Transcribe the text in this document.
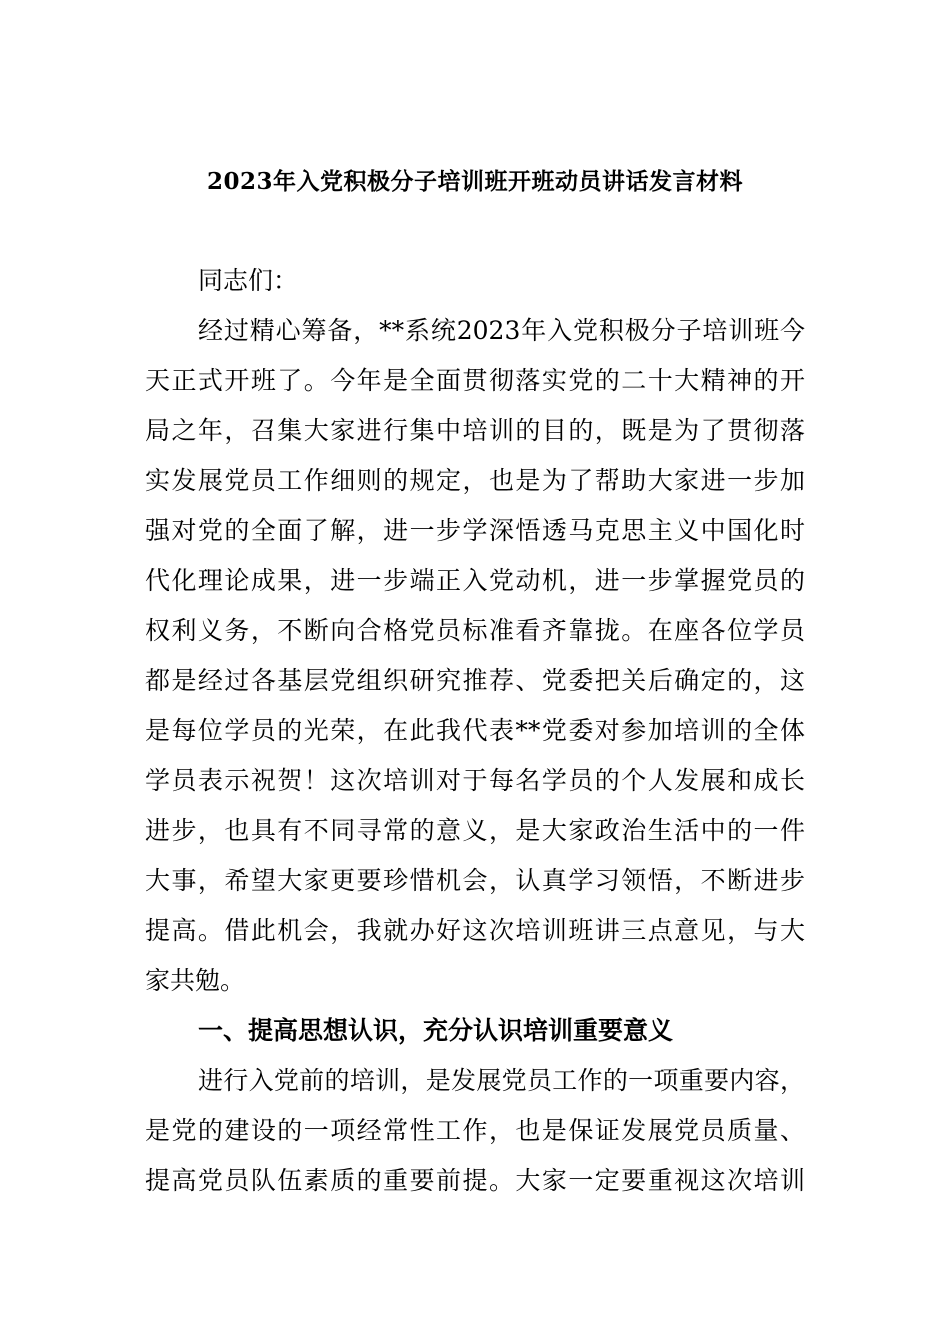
2023年入党积极分子培训班开班动员讲话发言材料
同志们：
经过精心筹备，**系统2023年入党积极分子培训班今
天正式开班了。今年是全面贯彻落实党的二十大精神的开
局之年，召集大家进行集中培训的目的，既是为了贯彻落
实发展党员工作细则的规定，也是为了帮助大家进一步加
强对党的全面了解，进一步学深悟透马克思主义中国化时
代化理论成果，进一步端正入党动机，进一步掌握党员的
权利义务，不断向合格党员标准看齐靠拢。在座各位学员
都是经过各基层党组织研究推荐、党委把关后确定的，这
是每位学员的光荣，在此我代表**党委对参加培训的全体
学员表示祝贺！这次培训对于每名学员的个人发展和成长
进步，也具有不同寻常的意义，是大家政治生活中的一件
大事，希望大家更要珍惜机会，认真学习领悟，不断进步
提高。借此机会，我就办好这次培训班讲三点意见，与大
家共勉。
一、提高思想认识，充分认识培训重要意义
进行入党前的培训，是发展党员工作的一项重要内容，
是党的建设的一项经常性工作，也是保证发展党员质量、
提高党员队伍素质的重要前提。大家一定要重视这次培训
